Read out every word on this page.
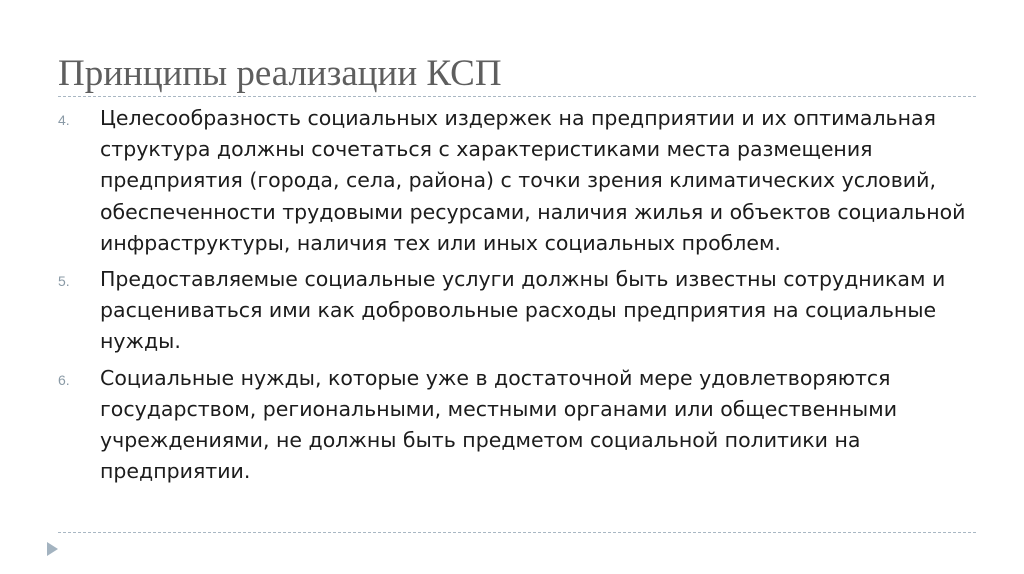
Принципы реализации КСП
4.	Целесообразность социальных издержек на предприятии и их оптимальная структура должны сочетаться с характеристиками места размещения предприятия (города, села, района) с точки зрения климатических условий, обеспеченности трудовыми ресурсами, наличия жилья и объектов социальной инфраструктуры, наличия тех или иных социальных проблем.
5.	Предоставляемые социальные услуги должны быть известны сотрудникам и расцениваться ими как добровольные расходы предприятия на социальные нужды.
6.	Социальные нужды, которые уже в достаточной мере удовлетворяются государством, региональными, местными органами или общественными учреждениями, не должны быть предметом социальной политики на предприятии.
